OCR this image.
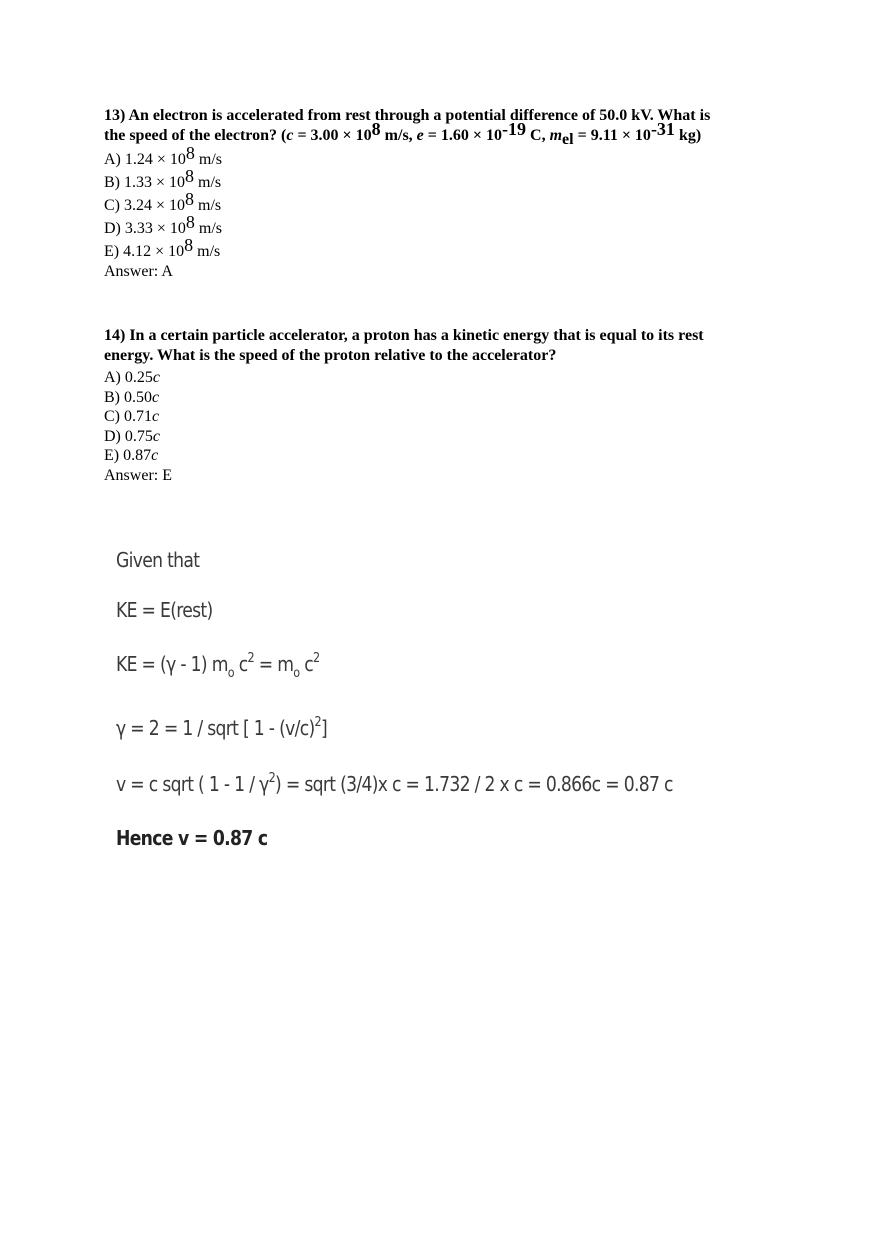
13) An electron is accelerated from rest through a potential difference of 50.0 kV. What is
the speed of the electron? (c = 3.00 × 108 m/s, e = 1.60 × 10-19 C, mel = 9.11 × 10-31 kg)

A) 1.24 × 108 m/s

B) 1.33 × 108 m/s

C) 3.24 × 108 m/s

D) 3.33 × 108 m/s

E) 4.12 × 108 m/s

Answer: A

14) In a certain particle accelerator, a proton has a kinetic energy that is equal to its rest
energy. What is the speed of the proton relative to the accelerator?

A) 0.25c

B) 0.50c

C) 0.71c

D) 0.75c

E) 0.87c

Answer: E

Given that
KE = E(rest)
KE = (γ - 1) $m_o$ $c^2 = m_o$ $c^2$
γ = 2 = 1 / sqrt [ $1 - (v/c)^2$]
v = c sqrt ( $1 - 1 / \gamma^2$) = sqrt (3/4)x c = 1.732 / 2 x c = 0.866c = 0.87 c
Hence v = 0.87 c
